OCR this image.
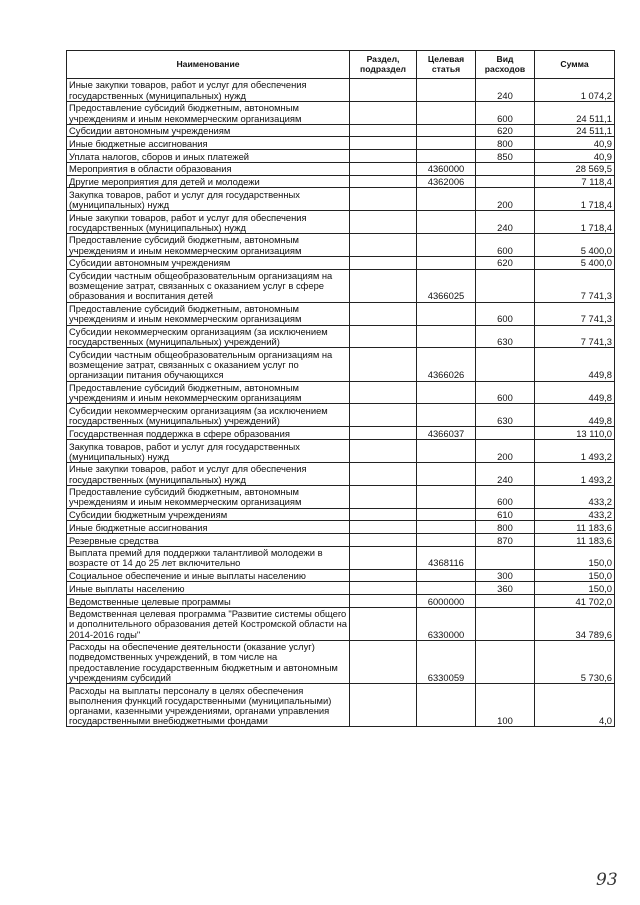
Наименование	Раздел, подраздел	Целевая статья	Вид расходов	Сумма
Иные закупки товаров, работ и услуг для обеспечения государственных (муниципальных) нужд			240	1 074,2
Предоставление субсидий бюджетным, автономным учреждениям и иным некоммерческим организациям			600	24 511,1
Субсидии автономным учреждениям			620	24 511,1
Иные бюджетные ассигнования			800	40,9
Уплата налогов, сборов и иных платежей			850	40,9
Мероприятия в области образования		4360000		28 569,5
Другие мероприятия для детей и молодежи		4362006		7 118,4
Закупка товаров, работ и услуг для государственных (муниципальных) нужд			200	1 718,4
Иные закупки товаров, работ и услуг для обеспечения государственных (муниципальных) нужд			240	1 718,4
Предоставление субсидий бюджетным, автономным учреждениям и иным некоммерческим организациям			600	5 400,0
Субсидии автономным учреждениям			620	5 400,0
Субсидии частным общеобразовательным организациям на возмещение затрат, связанных с оказанием услуг в сфере образования и воспитания детей		4366025		7 741,3
Предоставление субсидий бюджетным, автономным учреждениям и иным некоммерческим организациям			600	7 741,3
Субсидии некоммерческим организациям (за исключением государственных (муниципальных) учреждений)			630	7 741,3
Субсидии частным общеобразовательным организациям на возмещение затрат, связанных с оказанием услуг по организации питания обучающихся		4366026		449,8
Предоставление субсидий бюджетным, автономным учреждениям и иным некоммерческим организациям			600	449,8
Субсидии некоммерческим организациям (за исключением государственных (муниципальных) учреждений)			630	449,8
Государственная поддержка в сфере образования		4366037		13 110,0
Закупка товаров, работ и услуг для государственных (муниципальных) нужд			200	1 493,2
Иные закупки товаров, работ и услуг для обеспечения государственных (муниципальных) нужд			240	1 493,2
Предоставление субсидий бюджетным, автономным учреждениям и иным некоммерческим организациям			600	433,2
Субсидии бюджетным учреждениям			610	433,2
Иные бюджетные ассигнования			800	11 183,6
Резервные средства			870	11 183,6
Выплата премий для поддержки талантливой молодежи в возрасте от 14 до 25 лет включительно		4368116		150,0
Социальное обеспечение и иные выплаты населению			300	150,0
Иные выплаты населению			360	150,0
Ведомственные целевые программы		6000000		41 702,0
Ведомственная целевая программа "Развитие системы общего и дополнительного образования детей Костромской области на 2014-2016 годы"		6330000		34 789,6
Расходы на обеспечение деятельности (оказание услуг) подведомственных учреждений, в том числе на предоставление государственным бюджетным и автономным учреждениям субсидий		6330059		5 730,6
Расходы на выплаты персоналу в целях обеспечения выполнения функций государственными (муниципальными) органами, казенными учреждениями, органами управления государственными внебюджетными фондами			100	4,0
93
